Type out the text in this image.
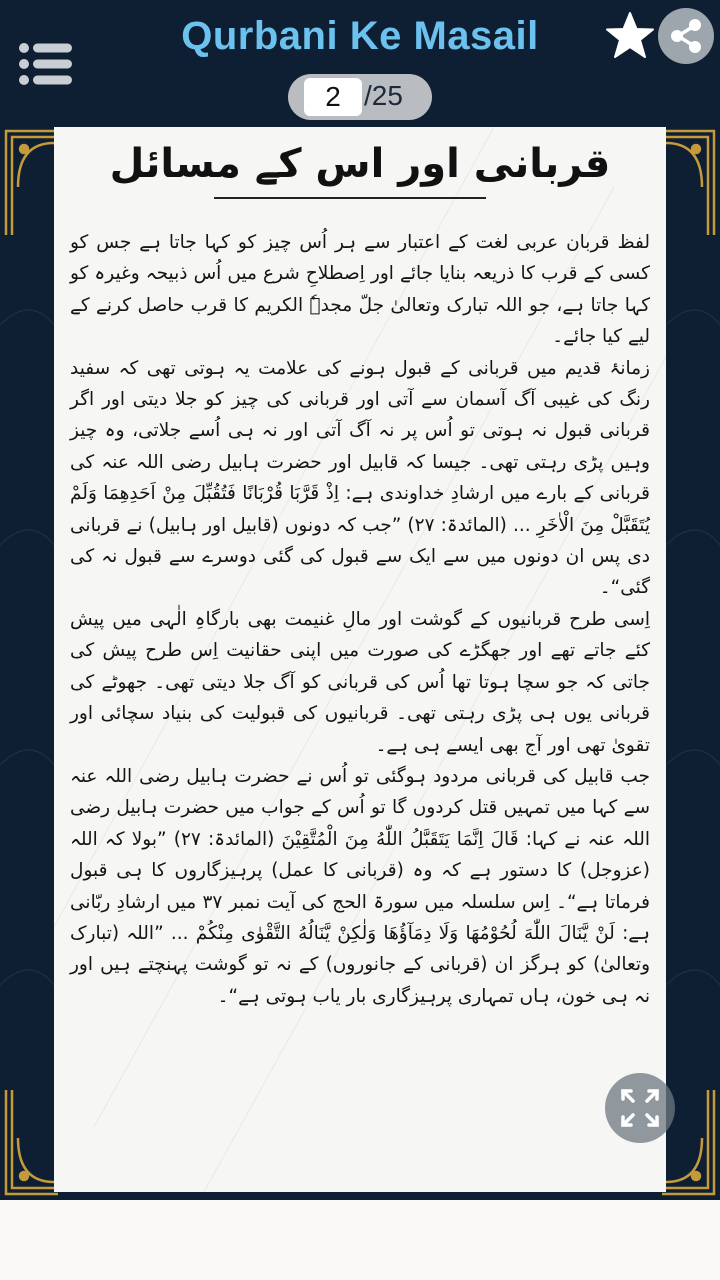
Qurbani Ke Masail
2
/25
قربانی اور اس کے مسائل

لفظ قربان عربی لغت کے اعتبار سے ہر اُس چیز کو کہا جاتا ہے جس کو کسی کے قرب کا ذریعہ بنایا جائے اور اِصطلاحِ شرع میں اُس ذبیحہ وغیرہ کو کہا جاتا ہے، جو اللہ تبارک وتعالیٰ جلّ مجدہٗ الکریم کا قرب حاصل کرنے کے لیے کیا جائے۔

زمانۂ قدیم میں قربانی کے قبول ہونے کی علامت یہ ہوتی تھی کہ سفید رنگ کی غیبی آگ آسمان سے آتی اور قربانی کی چیز کو جلا دیتی اور اگر قربانی قبول نہ ہوتی تو اُس پر نہ آگ آتی اور نہ ہی اُسے جلاتی، وہ چیز وہیں پڑی رہتی تھی۔ جیسا کہ قابیل اور حضرت ہابیل رضی اللہ عنہ کی قربانی کے بارے میں ارشادِ خداوندی ہے: اِذْ قَرَّبَا قُرْبَانًا فَتُقُبِّلَ مِنْ اَحَدِهِمَا وَلَمْ يُتَقَبَّلْ مِنَ الْاٰخَرِ ... (المائدۃ: ۲۷) ”جب کہ دونوں (قابیل اور ہابیل) نے قربانی دی پس ان دونوں میں سے ایک سے قبول کی گئی دوسرے سے قبول نہ کی گئی“۔

اِسی طرح قربانیوں کے گوشت اور مالِ غنیمت بھی بارگاہِ الٰہی میں پیش کئے جاتے تھے اور جھگڑے کی صورت میں اپنی حقانیت اِس طرح پیش کی جاتی کہ جو سچا ہوتا تھا اُس کی قربانی کو آگ جلا دیتی تھی۔ جھوٹے کی قربانی یوں ہی پڑی رہتی تھی۔ قربانیوں کی قبولیت کی بنیاد سچائی اور تقویٰ تھی اور آج بھی ایسے ہی ہے۔

جب قابیل کی قربانی مردود ہوگئی تو اُس نے حضرت ہابیل رضی اللہ عنہ سے کہا میں تمہیں قتل کردوں گا تو اُس کے جواب میں حضرت ہابیل رضی اللہ عنہ نے کہا: قَالَ اِنَّمَا يَتَقَبَّلُ اللّٰهُ مِنَ الْمُتَّقِيْنَ (المائدۃ: ۲۷) ”بولا کہ اللہ (عزوجل) کا دستور ہے کہ وہ (قربانی کا عمل) پرہیزگاروں کا ہی قبول فرماتا ہے“۔ اِس سلسلہ میں سورۃ الحج کی آیت نمبر ۳۷ میں ارشادِ ربّانی ہے: لَنْ يَّنَالَ اللّٰهَ لُحُوْمُهَا وَلَا دِمَآؤُهَا وَلٰكِنْ يَّنَالُهُ التَّقْوٰى مِنْكُمْ ... ”اللہ (تبارک وتعالیٰ) کو ہرگز ان (قربانی کے جانوروں) کے نہ تو گوشت پہنچتے ہیں اور نہ ہی خون، ہاں تمہاری پرہیزگاری بار یاب ہوتی ہے“۔
